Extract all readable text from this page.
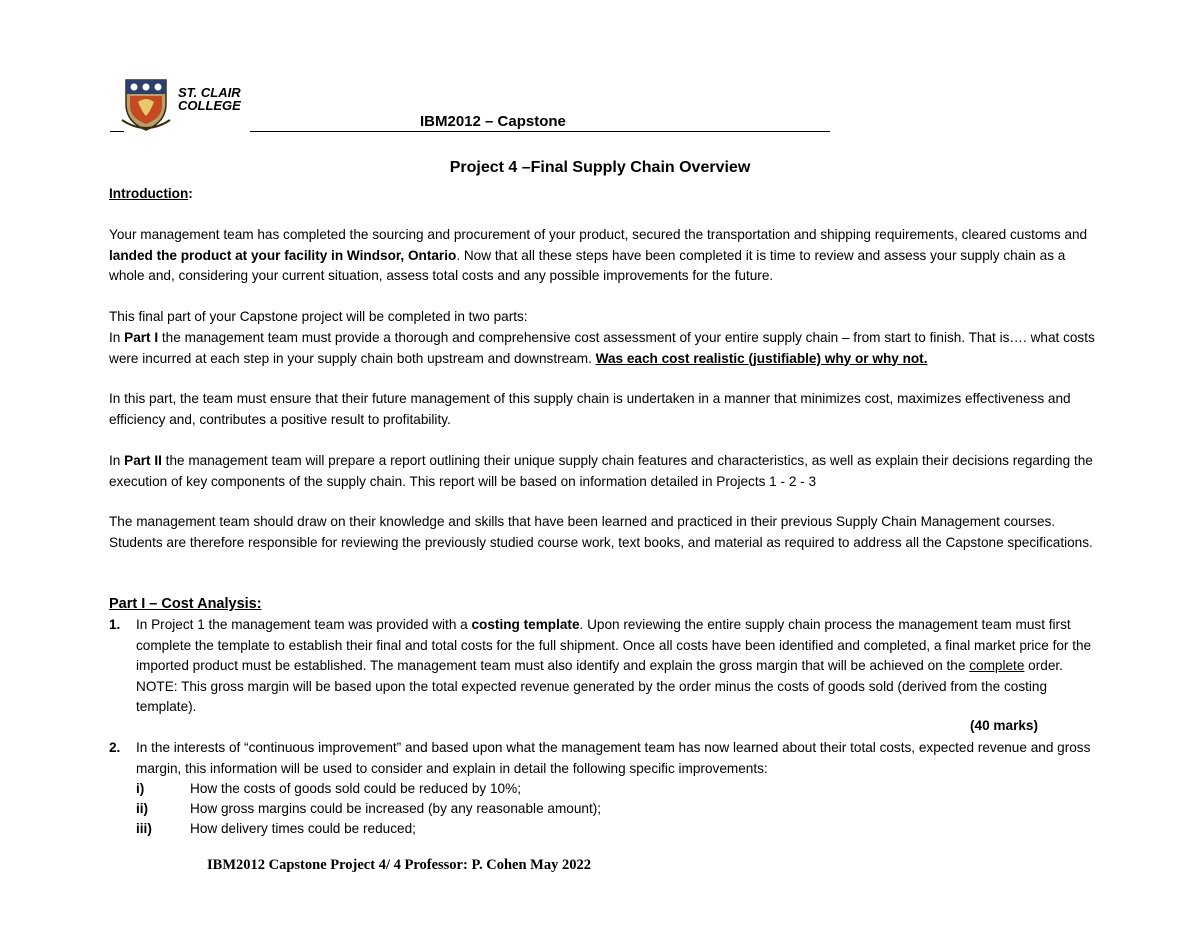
ST. CLAIR
COLLEGE
IBM2012 – Capstone
Project 4 –Final Supply Chain Overview
Introduction:
Your management team has completed the sourcing and procurement of your product, secured the transportation and shipping requirements, cleared customs and landed the product at your facility in Windsor, Ontario. Now that all these steps have been completed it is time to review and assess your supply chain as a whole and, considering your current situation, assess total costs and any possible improvements for the future.
This final part of your Capstone project will be completed in two parts:
In Part I the management team must provide a thorough and comprehensive cost assessment of your entire supply chain – from start to finish. That is…. what costs were incurred at each step in your supply chain both upstream and downstream. Was each cost realistic (justifiable) why or why not.
In this part, the team must ensure that their future management of this supply chain is undertaken in a manner that minimizes cost, maximizes effectiveness and efficiency and, contributes a positive result to profitability.
In Part II the management team will prepare a report outlining their unique supply chain features and characteristics, as well as explain their decisions regarding the execution of key components of the supply chain. This report will be based on information detailed in Projects 1 - 2 - 3
The management team should draw on their knowledge and skills that have been learned and practiced in their previous Supply Chain Management courses. Students are therefore responsible for reviewing the previously studied course work, text books, and material as required to address all the Capstone specifications.
Part I – Cost Analysis:
1. In Project 1 the management team was provided with a costing template. Upon reviewing the entire supply chain process the management team must first complete the template to establish their final and total costs for the full shipment. Once all costs have been identified and completed, a final market price for the imported product must be established. The management team must also identify and explain the gross margin that will be achieved on the complete order. NOTE: This gross margin will be based upon the total expected revenue generated by the order minus the costs of goods sold (derived from the costing template).
(40 marks)
2. In the interests of “continuous improvement” and based upon what the management team has now learned about their total costs, expected revenue and gross margin, this information will be used to consider and explain in detail the following specific improvements:
i)	How the costs of goods sold could be reduced by 10%;
ii)	How gross margins could be increased (by any reasonable amount);
iii)	How delivery times could be reduced;
IBM2012 Capstone Project 4/ 4 Professor: P. Cohen May 2022
